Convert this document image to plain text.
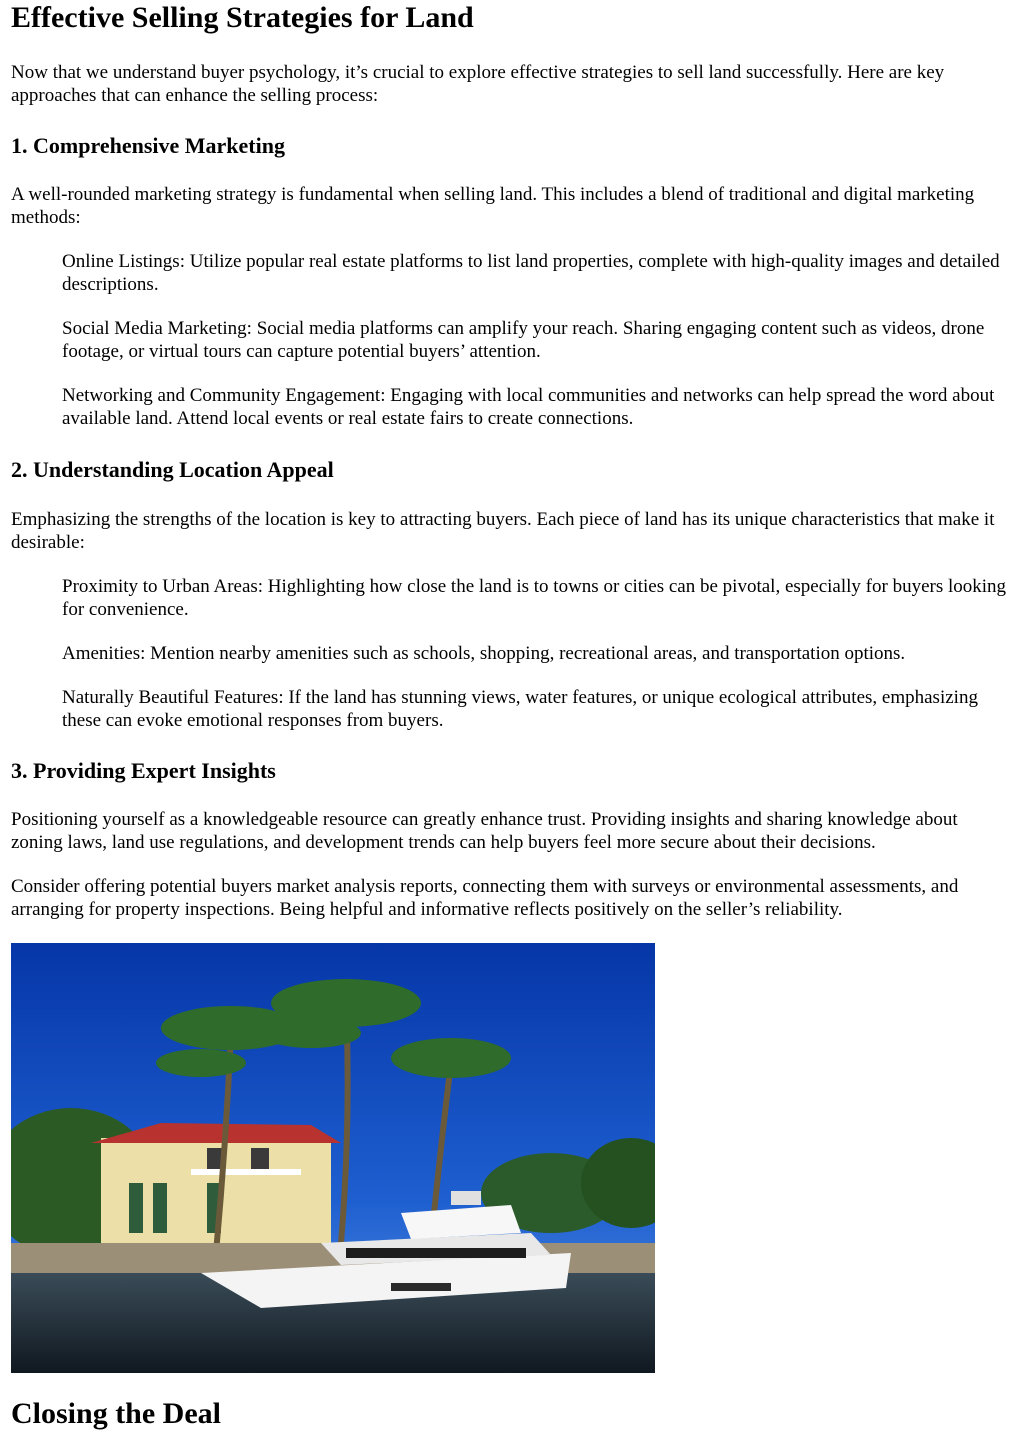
Effective Selling Strategies for Land

Now that we understand buyer psychology, it’s crucial to explore effective strategies to sell land successfully. Here are key approaches that can enhance the selling process:

1. Comprehensive Marketing

A well-rounded marketing strategy is fundamental when selling land. This includes a blend of traditional and digital marketing methods:

Online Listings: Utilize popular real estate platforms to list land properties, complete with high-quality images and detailed descriptions.

Social Media Marketing: Social media platforms can amplify your reach. Sharing engaging content such as videos, drone footage, or virtual tours can capture potential buyers’ attention.

Networking and Community Engagement: Engaging with local communities and networks can help spread the word about available land. Attend local events or real estate fairs to create connections.

2. Understanding Location Appeal

Emphasizing the strengths of the location is key to attracting buyers. Each piece of land has its unique characteristics that make it desirable:

Proximity to Urban Areas: Highlighting how close the land is to towns or cities can be pivotal, especially for buyers looking for convenience.

Amenities: Mention nearby amenities such as schools, shopping, recreational areas, and transportation options.

Naturally Beautiful Features: If the land has stunning views, water features, or unique ecological attributes, emphasizing these can evoke emotional responses from buyers.

3. Providing Expert Insights

Positioning yourself as a knowledgeable resource can greatly enhance trust. Providing insights and sharing knowledge about zoning laws, land use regulations, and development trends can help buyers feel more secure about their decisions.

Consider offering potential buyers market analysis reports, connecting them with surveys or environmental assessments, and arranging for property inspections. Being helpful and informative reflects positively on the seller’s reliability.

Closing the Deal
